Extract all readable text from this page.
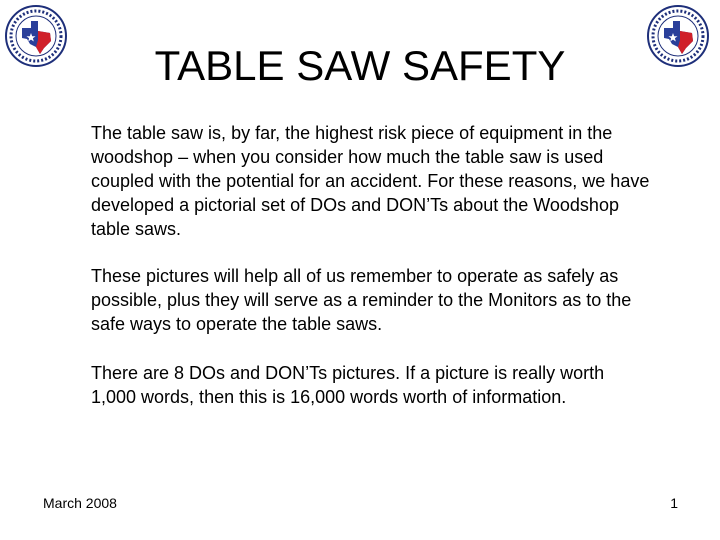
TABLE SAW SAFETY
The table saw is, by far, the highest risk piece of equipment in the woodshop – when you consider how much the table saw is used coupled with the potential for an accident. For these reasons, we have developed a pictorial set of DOs and DON’Ts about the Woodshop table saws.
These pictures will help all of us remember to operate as safely as possible, plus they will serve as a reminder to the Monitors as to the safe ways to operate the table saws.
There are 8 DOs and DON’Ts pictures. If a picture is really worth 1,000 words, then this is 16,000 words worth of information.
March 2008	1
